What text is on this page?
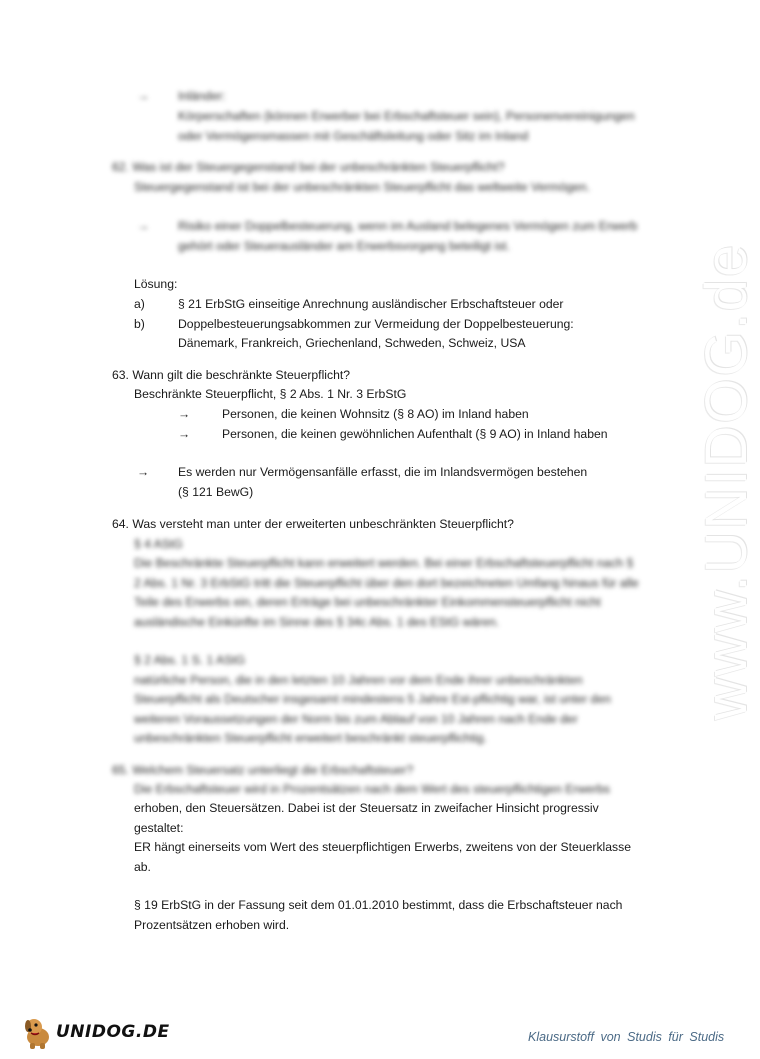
www.UNIDOG.de
→ Inländer:
Körperschaften (können Erwerber bei Erbschaftsteuer sein), Personenvereinigungen
oder Vermögensmassen mit Geschäftsleitung oder Sitz im Inland
62. Was ist der Steuergegenstand bei der unbeschränkten Steuerpflicht?
Steuergegenstand ist bei der unbeschränkten Steuerpflicht das weltweite Vermögen.
→ Risiko einer Doppelbesteuerung, wenn im Ausland belegenes Vermögen zum Erwerb
gehört oder Steuerausländer am Erwerbsvorgang beteiligt ist.
Lösung:
a)	§ 21 ErbStG einseitige Anrechnung ausländischer Erbschaftsteuer oder
b)	Doppelbesteuerungsabkommen zur Vermeidung der Doppelbesteuerung:
Dänemark, Frankreich, Griechenland, Schweden, Schweiz, USA
63. Wann gilt die beschränkte Steuerpflicht?
Beschränkte Steuerpflicht, § 2 Abs. 1 Nr. 3 ErbStG
→	Personen, die keinen Wohnsitz (§ 8 AO) im Inland haben
→	Personen, die keinen gewöhnlichen Aufenthalt (§ 9 AO) in Inland haben
→ Es werden nur Vermögensanfälle erfasst, die im Inlandsvermögen bestehen
(§ 121 BewG)
64. Was versteht man unter der erweiterten unbeschränkten Steuerpflicht?
§ 4 AStG
Die Beschränkte Steuerpflicht kann erweitert werden. Bei einer Erbschaftsteuerpflicht nach §
2 Abs. 1 Nr. 3 ErbStG tritt die Steuerpflicht über den dort bezeichneten Umfang hinaus für alle
Teile des Erwerbs ein, deren Erträge bei unbeschränkter Einkommensteuerpflicht nicht
ausländische Einkünfte im Sinne des § 34c Abs. 1 des EStG wären.
§ 2 Abs. 1 S. 1 AStG
natürliche Person, die in den letzten 10 Jahren vor dem Ende ihrer unbeschränkten
Steuerpflicht als Deutscher insgesamt mindestens 5 Jahre Est-pflichtig war, ist unter den
weiteren Voraussetzungen der Norm bis zum Ablauf von 10 Jahren nach Ende der
unbeschränkten Steuerpflicht erweitert beschränkt steuerpflichtig.
65. Welchem Steuersatz unterliegt die Erbschaftsteuer?
Die Erbschaftsteuer wird in Prozentsätzen nach dem Wert des steuerpflichtigen Erwerbs
erhoben, den Steuersätzen. Dabei ist der Steuersatz in zweifacher Hinsicht progressiv
gestaltet:
ER hängt einerseits vom Wert des steuerpflichtigen Erwerbs, zweitens von der Steuerklasse
ab.
§ 19 ErbStG in der Fassung seit dem 01.01.2010 bestimmt, dass die Erbschaftsteuer nach
Prozentsätzen erhoben wird.
UNIDOG.DE	Klausurstoff von Studis für Studis
